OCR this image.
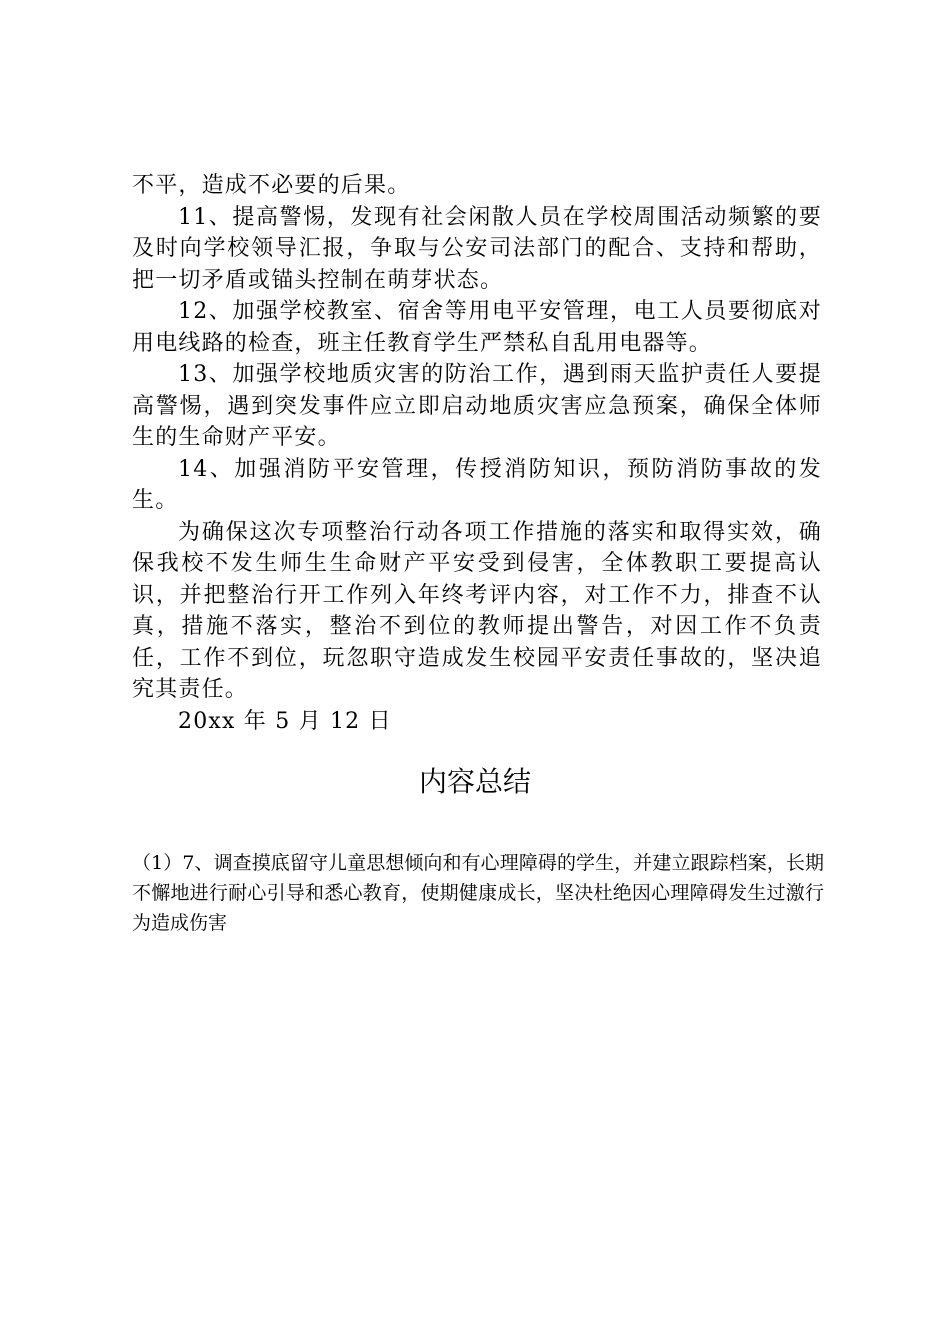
不平，造成不必要的后果。

11、提高警惕，发现有社会闲散人员在学校周围活动频繁的要及时向学校领导汇报，争取与公安司法部门的配合、支持和帮助，把一切矛盾或锚头控制在萌芽状态。

12、加强学校教室、宿舍等用电平安管理，电工人员要彻底对用电线路的检查，班主任教育学生严禁私自乱用电器等。

13、加强学校地质灾害的防治工作，遇到雨天监护责任人要提高警惕，遇到突发事件应立即启动地质灾害应急预案，确保全体师生的生命财产平安。

14、加强消防平安管理，传授消防知识，预防消防事故的发生。

为确保这次专项整治行动各项工作措施的落实和取得实效，确保我校不发生师生生命财产平安受到侵害，全体教职工要提高认识，并把整治行开工作列入年终考评内容，对工作不力，排查不认真，措施不落实，整治不到位的教师提出警告，对因工作不负责任，工作不到位，玩忽职守造成发生校园平安责任事故的，坚决追究其责任。

20xx 年 5 月 12 日

内容总结

（1）7、调查摸底留守儿童思想倾向和有心理障碍的学生，并建立跟踪档案，长期不懈地进行耐心引导和悉心教育，使期健康成长，坚决杜绝因心理障碍发生过激行为造成伤害
